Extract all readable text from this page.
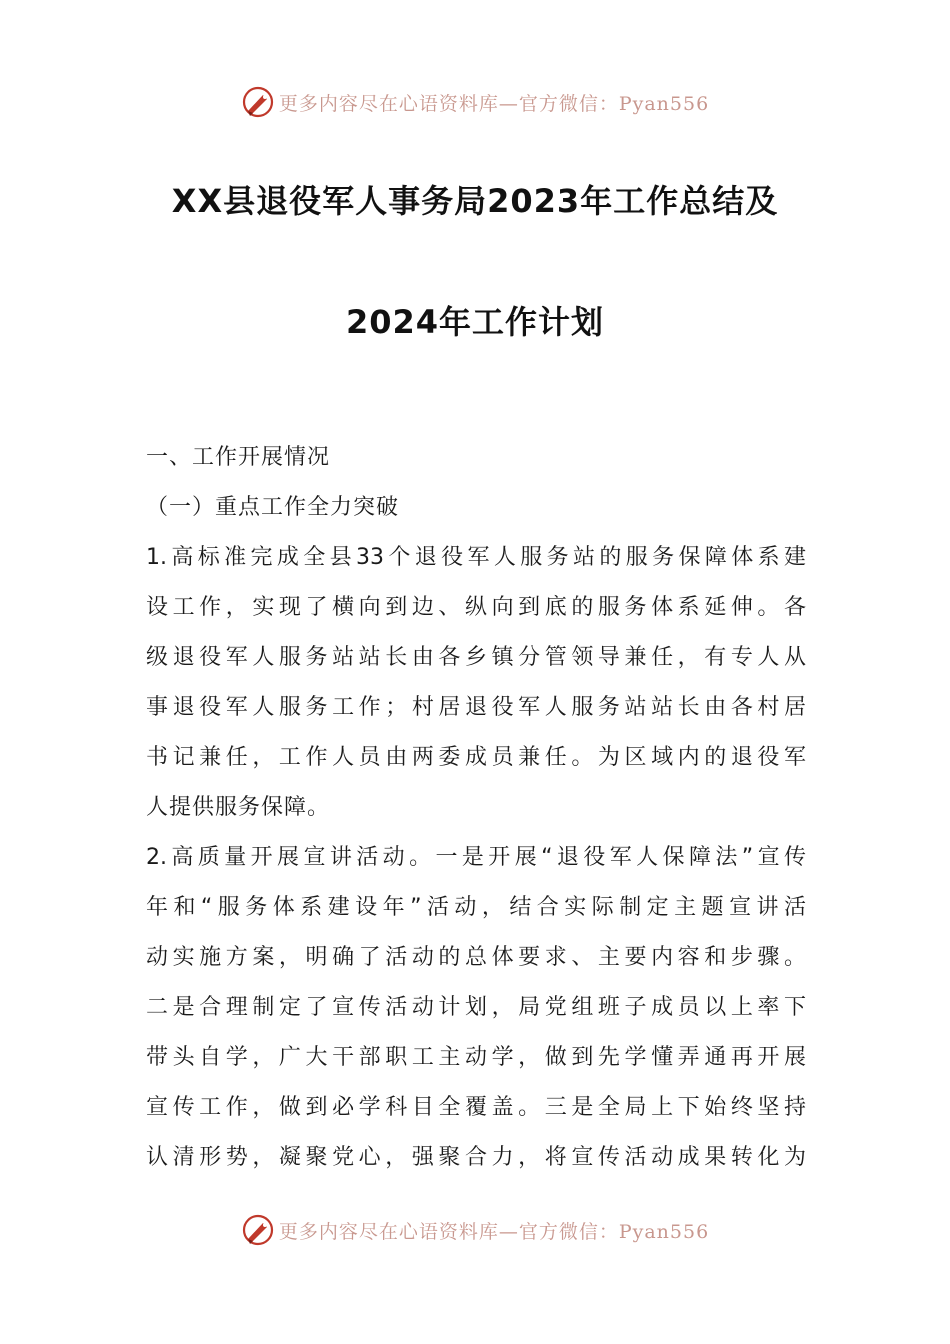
更多内容尽在心语资料库—官方微信：Pyan556
XX县退役军人事务局2023年工作总结及
2024年工作计划
一、工作开展情况
（一）重点工作全力突破
1.高标准完成全县33个退役军人服务站的服务保障体系建
设工作，实现了横向到边、纵向到底的服务体系延伸。各
级退役军人服务站站长由各乡镇分管领导兼任，有专人从
事退役军人服务工作；村居退役军人服务站站长由各村居
书记兼任，工作人员由两委成员兼任。为区域内的退役军
人提供服务保障。
2.高质量开展宣讲活动。一是开展“退役军人保障法”宣传
年和“服务体系建设年”活动，结合实际制定主题宣讲活
动实施方案，明确了活动的总体要求、主要内容和步骤。
二是合理制定了宣传活动计划，局党组班子成员以上率下
带头自学，广大干部职工主动学，做到先学懂弄通再开展
宣传工作，做到必学科目全覆盖。三是全局上下始终坚持
认清形势，凝聚党心，强聚合力，将宣传活动成果转化为
更多内容尽在心语资料库—官方微信：Pyan556
